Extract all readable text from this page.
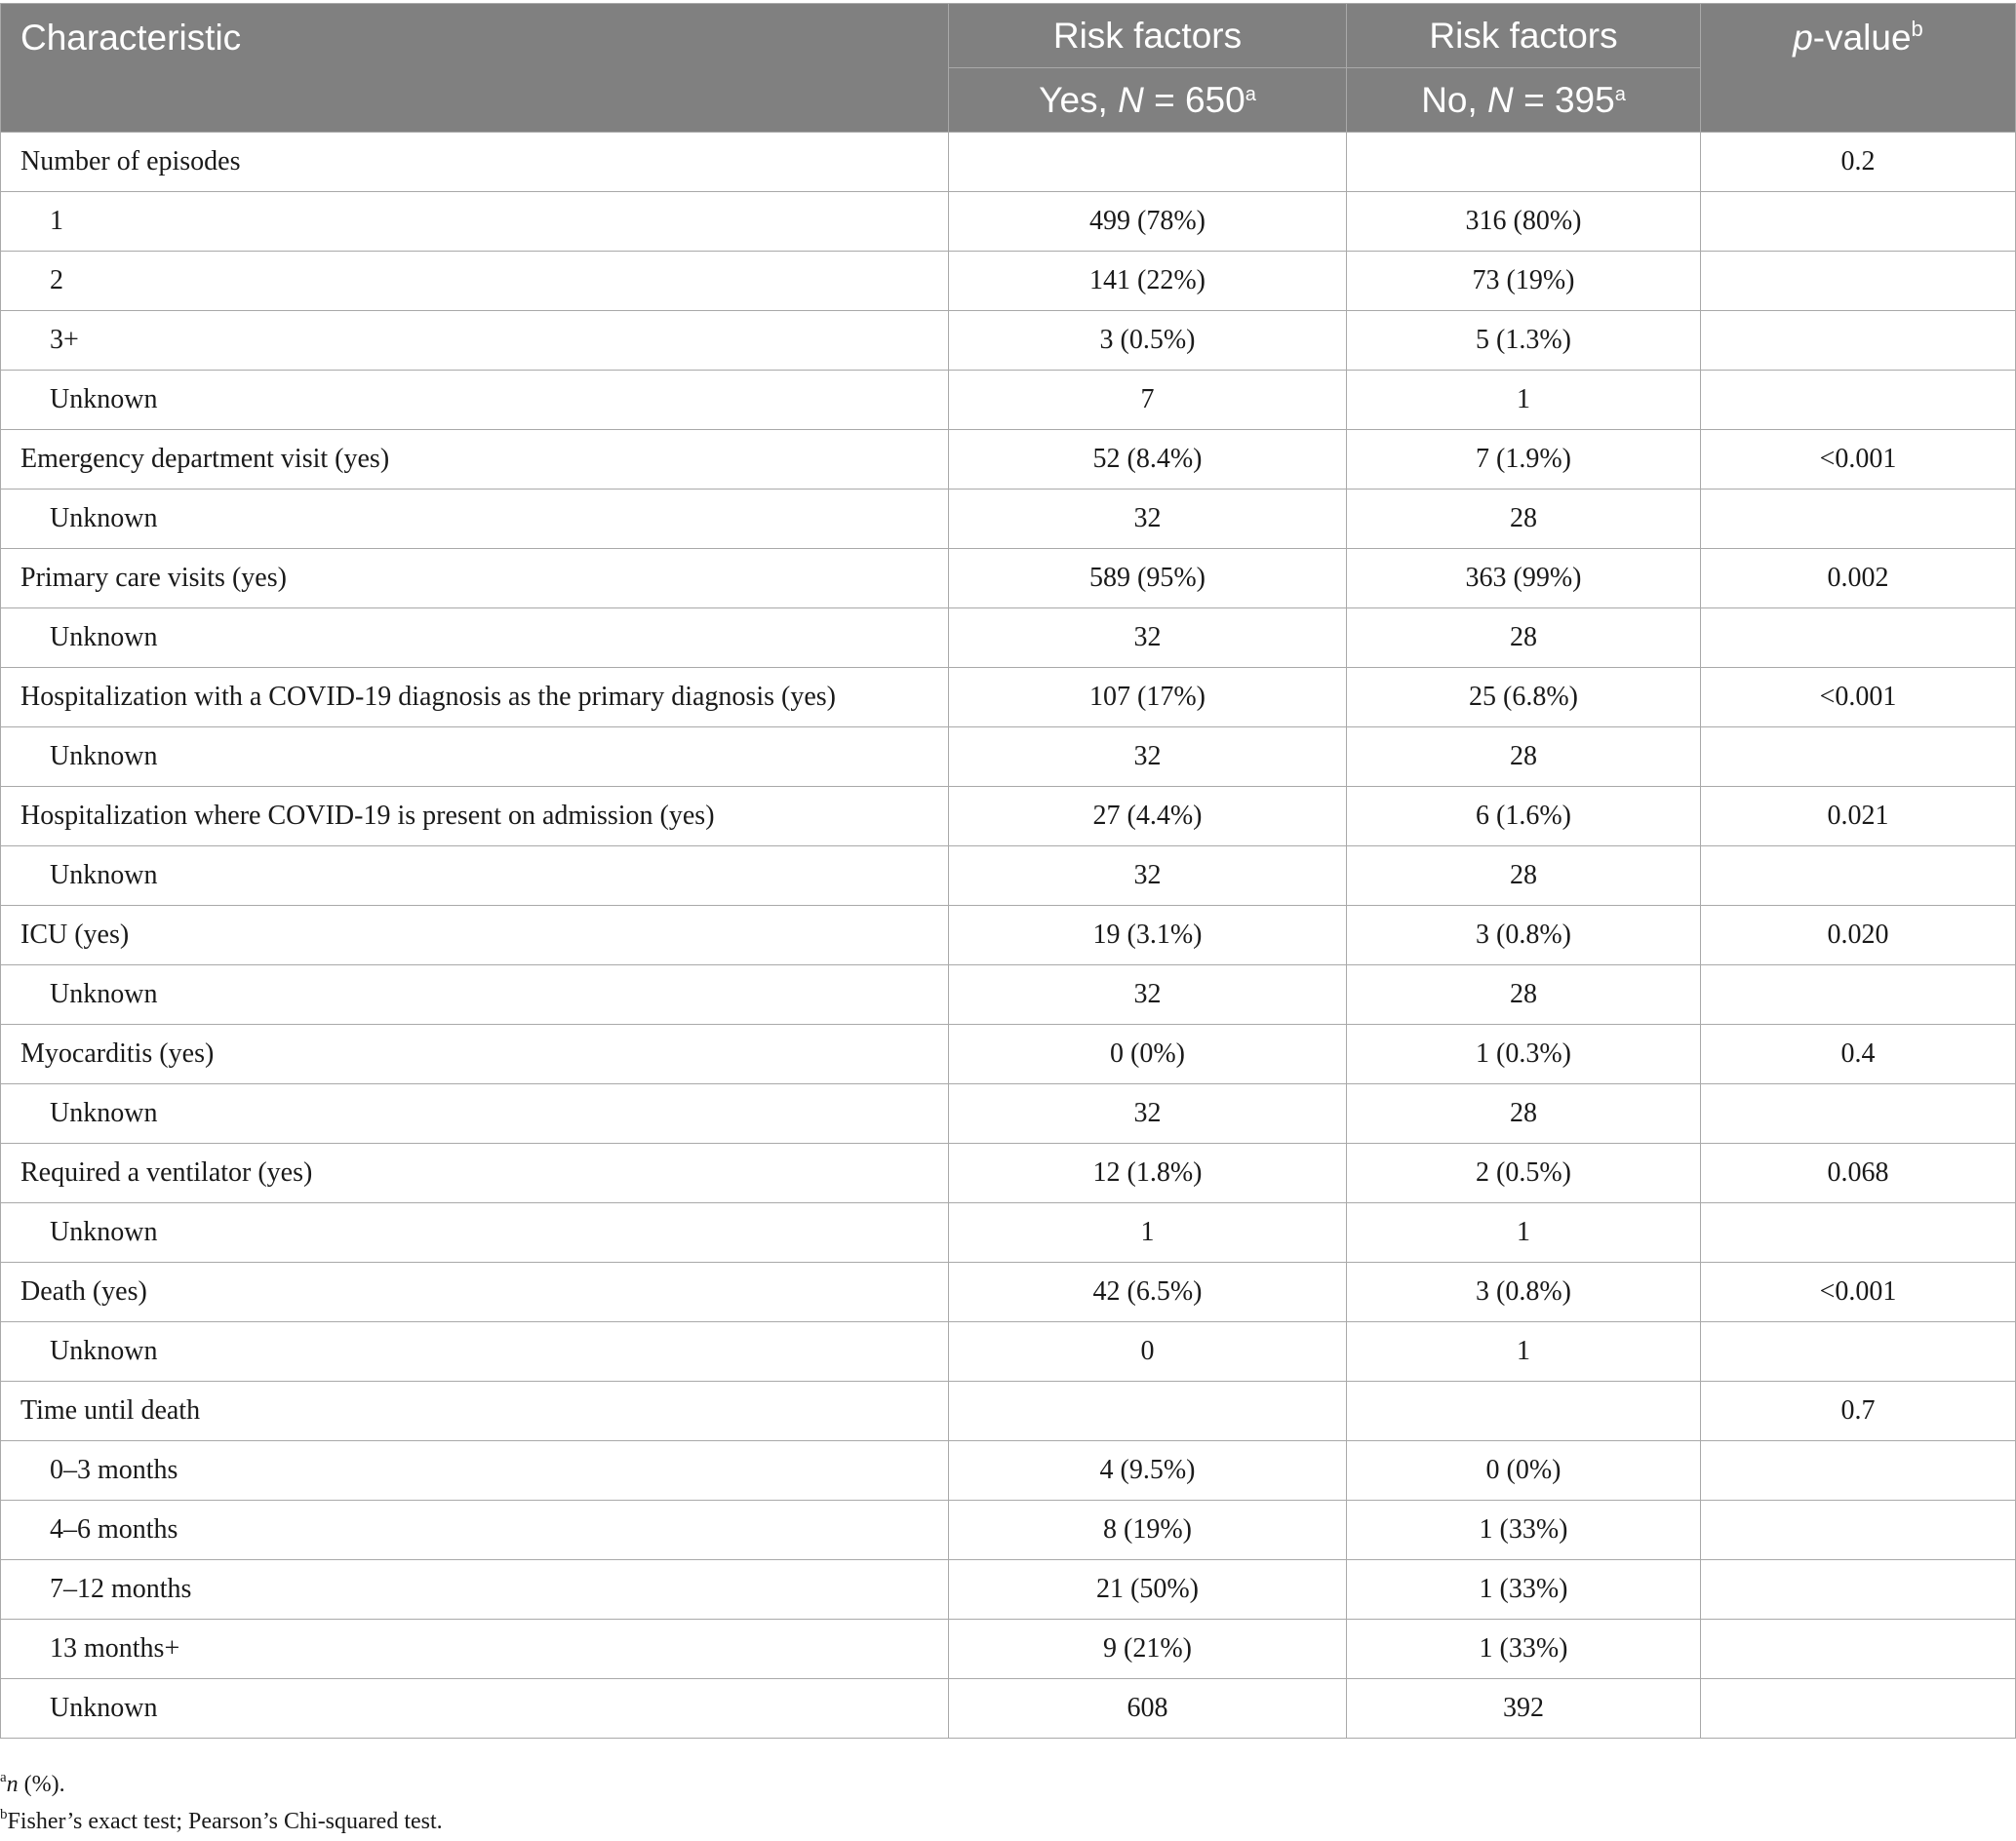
Characteristic	Risk factors	Risk factors	p-value$^b$
	Yes, $N = 650^a$	No, $N = 395^a$
Number of episodes			0.2
1	499 (78%)	316 (80%)	
2	141 (22%)	73 (19%)	
3+	3 (0.5%)	5 (1.3%)	
Unknown	7	1	
Emergency department visit (yes)	52 (8.4%)	7 (1.9%)	<0.001
Unknown	32	28	
Primary care visits (yes)	589 (95%)	363 (99%)	0.002
Unknown	32	28	
Hospitalization with a COVID-19 diagnosis as the primary diagnosis (yes)	107 (17%)	25 (6.8%)	<0.001
Unknown	32	28	
Hospitalization where COVID-19 is present on admission (yes)	27 (4.4%)	6 (1.6%)	0.021
Unknown	32	28	
ICU (yes)	19 (3.1%)	3 (0.8%)	0.020
Unknown	32	28	
Myocarditis (yes)	0 (0%)	1 (0.3%)	0.4
Unknown	32	28	
Required a ventilator (yes)	12 (1.8%)	2 (0.5%)	0.068
Unknown	1	1	
Death (yes)	42 (6.5%)	3 (0.8%)	<0.001
Unknown	0	1	
Time until death			0.7
0–3 months	4 (9.5%)	0 (0%)	
4–6 months	8 (19%)	1 (33%)	
7–12 months	21 (50%)	1 (33%)	
13 months+	9 (21%)	1 (33%)	
Unknown	608	392	
$^a$n (%).
$^b$Fisher’s exact test; Pearson’s Chi-squared test.
